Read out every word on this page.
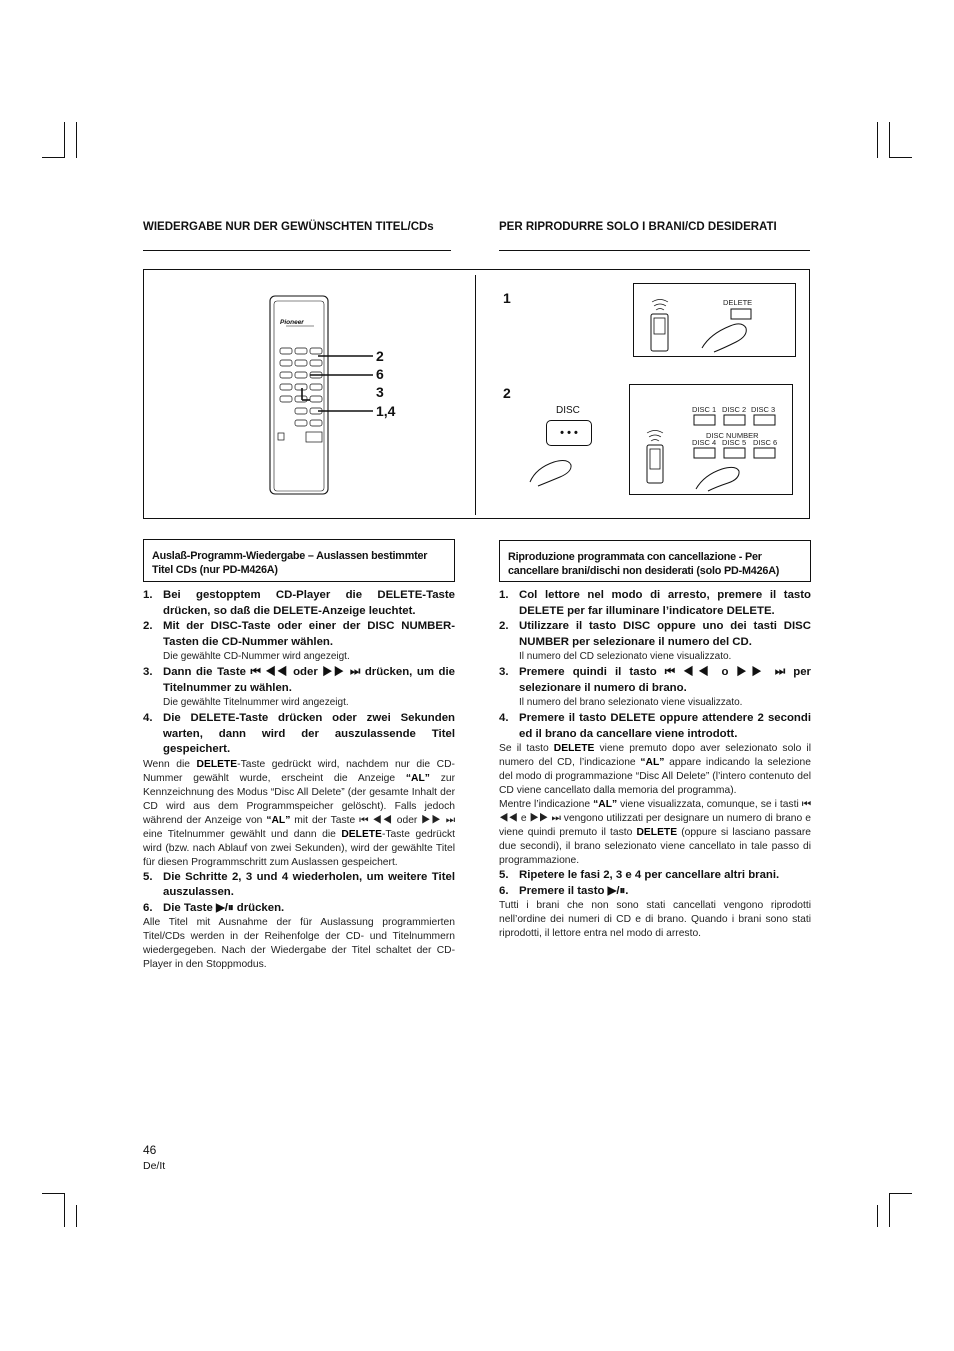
WIEDERGABE NUR DER GEWÜNSCHTEN TITEL/CDs	PER RIPRODURRE SOLO I BRANI/CD DESIDERATI
Pioneer
2
6
3
1,4
1	DELETE
2
DISC
• • •
DISC 1 DISC 2 DISC 3
DISC NUMBER
DISC 4 DISC 5 DISC 6
Auslaß-Programm-Wiedergabe – Auslassen bestimmter
Titel CDs (nur PD-M426A)
Riproduzione programmata con cancellazione - Per
cancellare brani/dischi non desiderati (solo PD-M426A)
1. Bei gestopptem CD-Player die DELETE-Taste drücken, so daß die DELETE-Anzeige leuchtet.
2. Mit der DISC-Taste oder einer der DISC NUMBER-Tasten die CD-Nummer wählen.
Die gewählte CD-Nummer wird angezeigt.
3. Dann die Taste ⏮ ◀◀ oder ▶▶ ⏭ drücken, um die Titelnummer zu wählen.
Die gewählte Titelnummer wird angezeigt.
4. Die DELETE-Taste drücken oder zwei Sekunden warten, dann wird der auszulassende Titel gespeichert.
Wenn die DELETE-Taste gedrückt wird, nachdem nur die CD-Nummer gewählt wurde, erscheint die Anzeige “AL” zur Kennzeichnung des Modus “Disc All Delete” (der gesamte Inhalt der CD wird aus dem Programmspeicher gelöscht). Falls jedoch während der Anzeige von “AL” mit der Taste ⏮ ◀◀ oder ▶▶ ⏭ eine Titelnummer gewählt und dann die DELETE-Taste gedrückt wird (bzw. nach Ablauf von zwei Sekunden), wird der gewählte Titel für diesen Programmschritt zum Auslassen gespeichert.
5. Die Schritte 2, 3 und 4 wiederholen, um weitere Titel auszulassen.
6. Die Taste ▶/⏸ drücken.
Alle Titel mit Ausnahme der für Auslassung programmierten Titel/CDs werden in der Reihenfolge der CD- und Titelnummern wiedergegeben. Nach der Wiedergabe der Titel schaltet der CD-Player in den Stoppmodus.
1. Col lettore nel modo di arresto, premere il tasto DELETE per far illuminare l’indicatore DELETE.
2. Utilizzare il tasto DISC oppure uno dei tasti DISC NUMBER per selezionare il numero del CD.
Il numero del CD selezionato viene visualizzato.
3. Premere quindi il tasto ⏮ ◀◀ o ▶▶ ⏭ per selezionare il numero di brano.
Il numero del brano selezionato viene visualizzato.
4. Premere il tasto DELETE oppure attendere 2 secondi ed il brano da cancellare viene introdott.
Se il tasto DELETE viene premuto dopo aver selezionato solo il numero del CD, l’indicazione “AL” appare indicando la selezione del modo di programmazione “Disc All Delete” (l’intero contenuto del CD viene cancellato dalla memoria del programma).
Mentre l’indicazione “AL” viene visualizzata, comunque, se i tasti ⏮ ◀◀ e ▶▶ ⏭ vengono utilizzati per designare un numero di brano e viene quindi premuto il tasto DELETE (oppure si lasciano passare due secondi), il brano selezionato viene cancellato in tale passo di programmazione.
5. Ripetere le fasi 2, 3 e 4 per cancellare altri brani.
6. Premere il tasto ▶/⏸.
Tutti i brani che non sono stati cancellati vengono riprodotti nell’ordine dei numeri di CD e di brano. Quando i brani sono stati riprodotti, il lettore entra nel modo di arresto.
46
De/It
